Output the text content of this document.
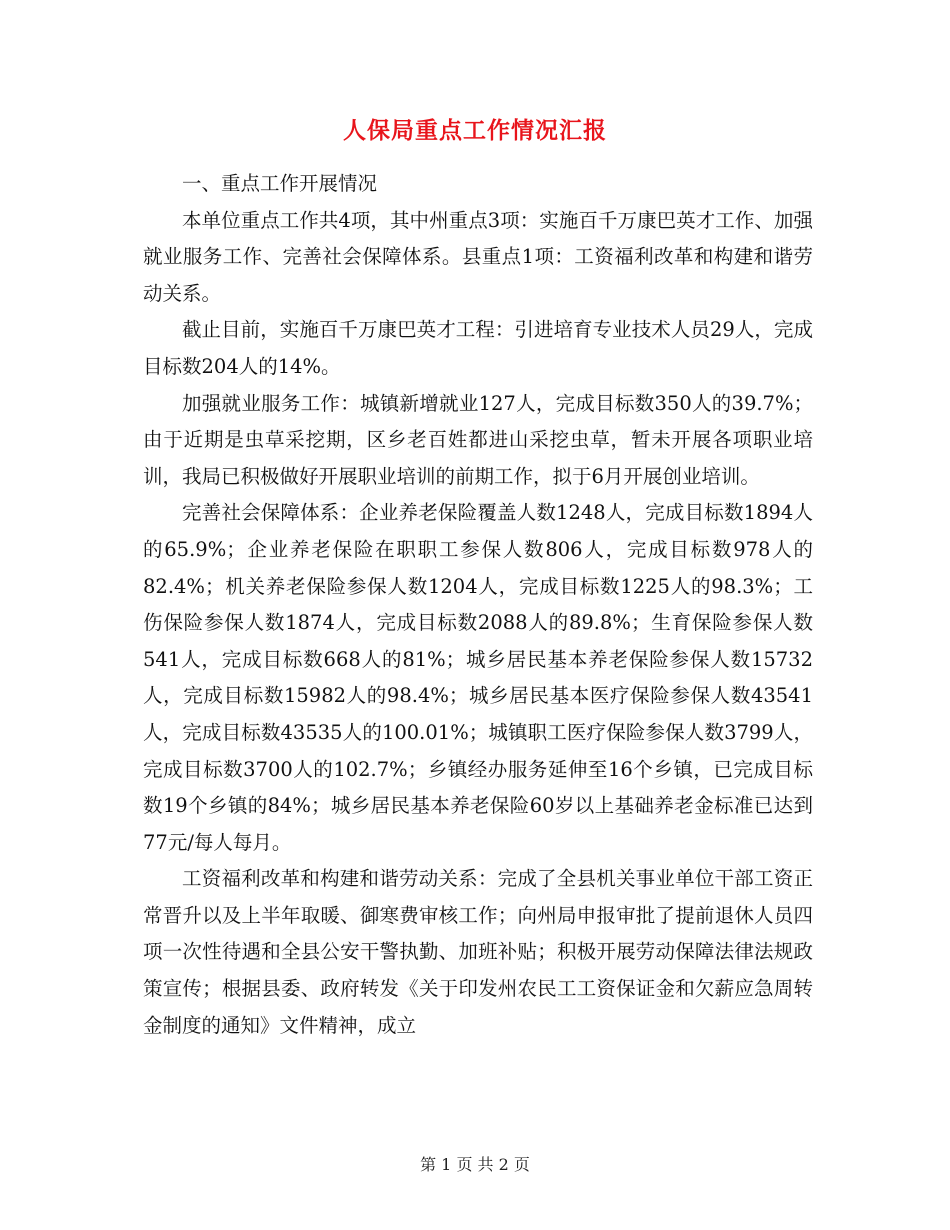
人保局重点工作情况汇报

一、重点工作开展情况

本单位重点工作共4项，其中州重点3项：实施百千万康巴英才工作、加强就业服务工作、完善社会保障体系。县重点1项：工资福利改革和构建和谐劳动关系。

截止目前，实施百千万康巴英才工程：引进培育专业技术人员29人，完成目标数204人的14%。

加强就业服务工作：城镇新增就业127人，完成目标数350人的39.7%；由于近期是虫草采挖期，区乡老百姓都进山采挖虫草，暂未开展各项职业培训，我局已积极做好开展职业培训的前期工作，拟于6月开展创业培训。

完善社会保障体系：企业养老保险覆盖人数1248人，完成目标数1894人的65.9%；企业养老保险在职职工参保人数806人，完成目标数978人的82.4%；机关养老保险参保人数1204人，完成目标数1225人的98.3%；工伤保险参保人数1874人，完成目标数2088人的89.8%；生育保险参保人数541人，完成目标数668人的81%；城乡居民基本养老保险参保人数15732人，完成目标数15982人的98.4%；城乡居民基本医疗保险参保人数43541人，完成目标数43535人的100.01%；城镇职工医疗保险参保人数3799人，完成目标数3700人的102.7%；乡镇经办服务延伸至16个乡镇，已完成目标数19个乡镇的84%；城乡居民基本养老保险60岁以上基础养老金标准已达到77元/每人每月。

工资福利改革和构建和谐劳动关系：完成了全县机关事业单位干部工资正常晋升以及上半年取暖、御寒费审核工作；向州局申报审批了提前退休人员四项一次性待遇和全县公安干警执勤、加班补贴；积极开展劳动保障法律法规政策宣传；根据县委、政府转发《关于印发州农民工工资保证金和欠薪应急周转金制度的通知》文件精神，成立

第 1 页 共 2 页
